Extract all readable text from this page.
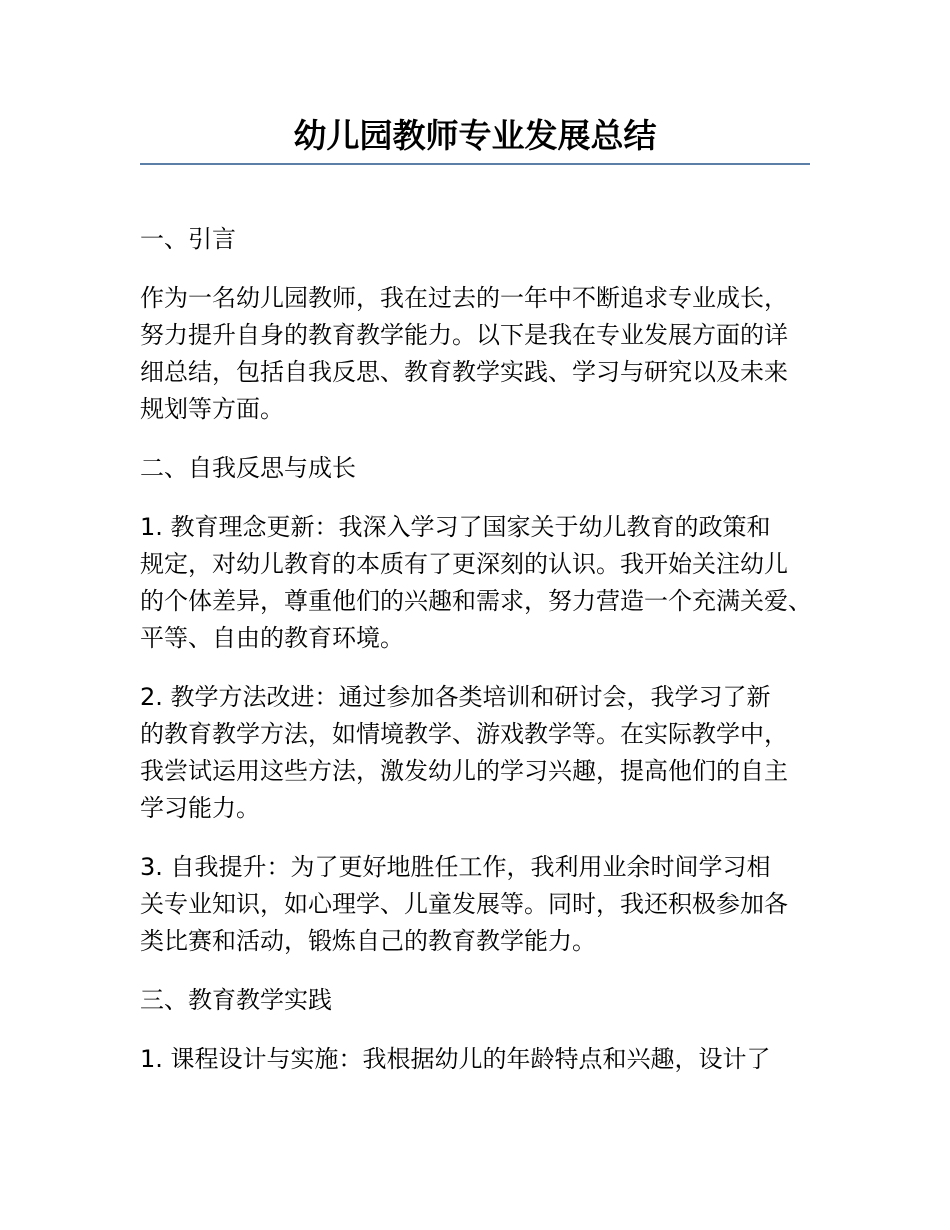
幼儿园教师专业发展总结

一、引言

作为一名幼儿园教师，我在过去的一年中不断追求专业成长，
努力提升自身的教育教学能力。以下是我在专业发展方面的详
细总结，包括自我反思、教育教学实践、学习与研究以及未来
规划等方面。

二、自我反思与成长

1. 教育理念更新：我深入学习了国家关于幼儿教育的政策和
规定，对幼儿教育的本质有了更深刻的认识。我开始关注幼儿
的个体差异，尊重他们的兴趣和需求，努力营造一个充满关爱、
平等、自由的教育环境。

2. 教学方法改进：通过参加各类培训和研讨会，我学习了新
的教育教学方法，如情境教学、游戏教学等。在实际教学中，
我尝试运用这些方法，激发幼儿的学习兴趣，提高他们的自主
学习能力。

3. 自我提升：为了更好地胜任工作，我利用业余时间学习相
关专业知识，如心理学、儿童发展等。同时，我还积极参加各
类比赛和活动，锻炼自己的教育教学能力。

三、教育教学实践

1. 课程设计与实施：我根据幼儿的年龄特点和兴趣，设计了
